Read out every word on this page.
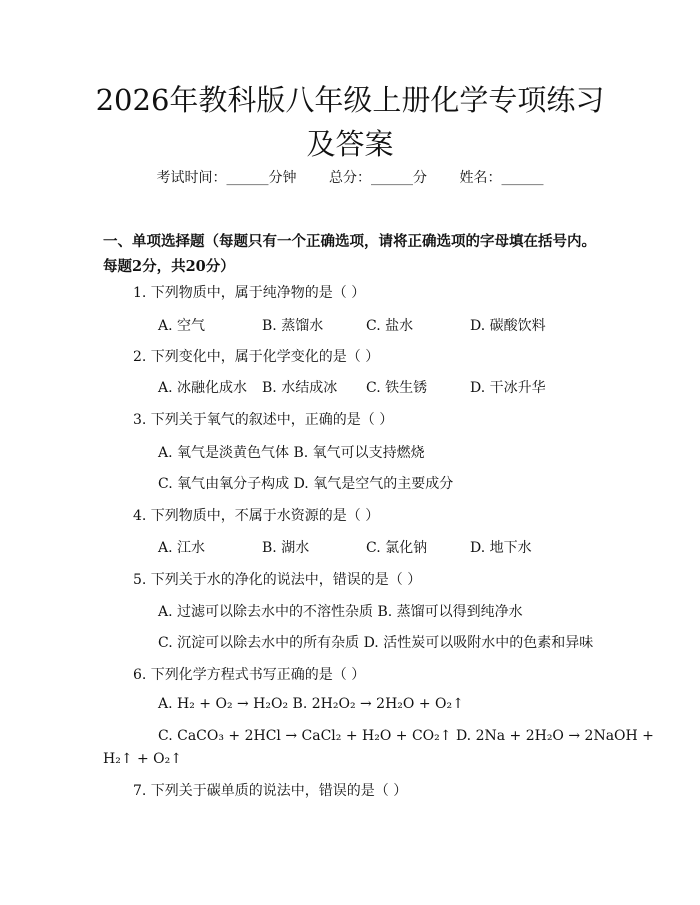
2026年教科版八年级上册化学专项练习及答案
考试时间：______分钟 总分：______分 姓名：______
一、单项选择题（每题只有一个正确选项，请将正确选项的字母填在括号内。每题2分，共20分）
1. 下列物质中，属于纯净物的是（ ）
A. 空气	B. 蒸馏水	C. 盐水	D. 碳酸饮料
2. 下列变化中，属于化学变化的是（ ）
A. 冰融化成水 B. 水结成冰 C. 铁生锈	D. 干冰升华
3. 下列关于氧气的叙述中，正确的是（ ）
A. 氧气是淡黄色气体 B. 氧气可以支持燃烧
C. 氧气由氧分子构成 D. 氧气是空气的主要成分
4. 下列物质中，不属于水资源的是（ ）
A. 江水	B. 湖水	C. 氯化钠	D. 地下水
5. 下列关于水的净化的说法中，错误的是（ ）
A. 过滤可以除去水中的不溶性杂质 B. 蒸馏可以得到纯净水
C. 沉淀可以除去水中的所有杂质 D. 活性炭可以吸附水中的色素和异味
6. 下列化学方程式书写正确的是（ ）
A. H₂ + O₂ → H₂O₂ B. 2H₂O₂ → 2H₂O + O₂↑
C. CaCO₃ + 2HCl → CaCl₂ + H₂O + CO₂↑ D. 2Na + 2H₂O → 2NaOH +
H₂↑ + O₂↑
7. 下列关于碳单质的说法中，错误的是（ ）
